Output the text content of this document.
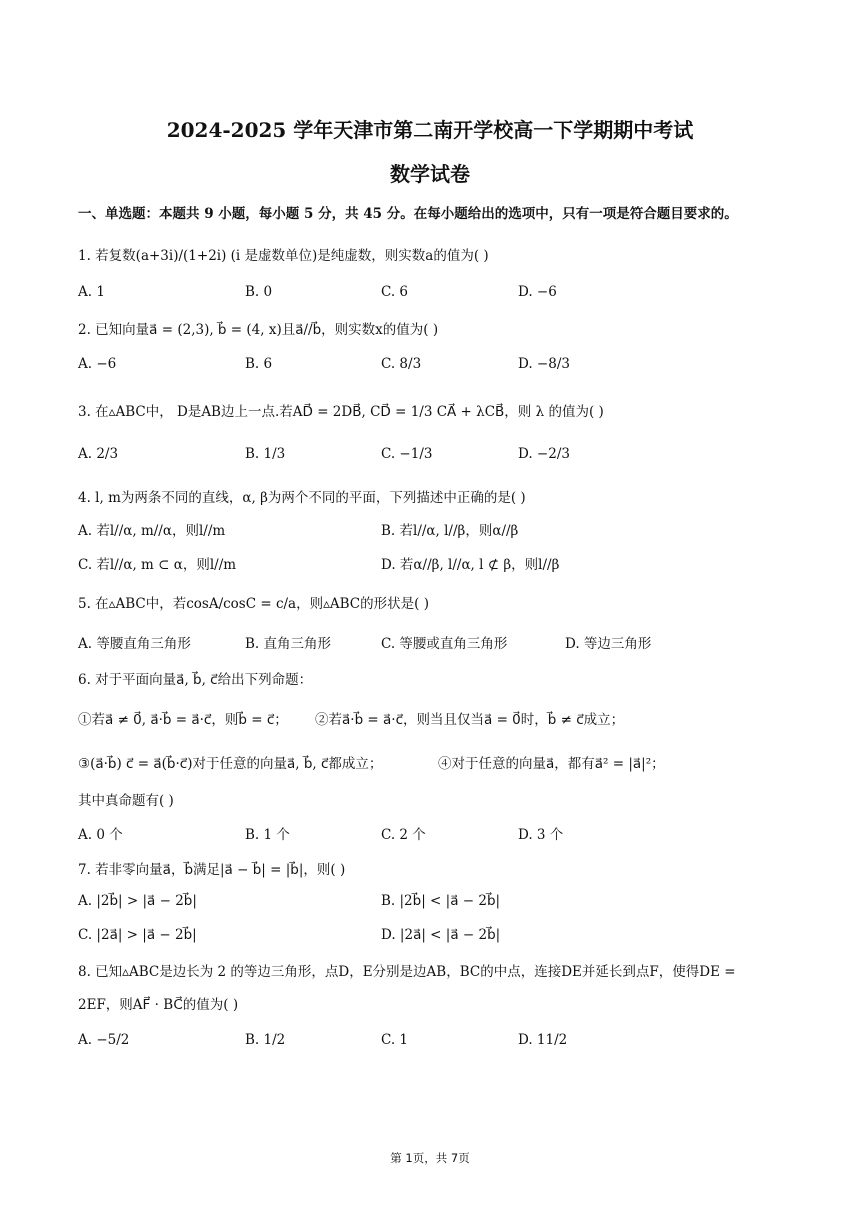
2024-2025 学年天津市第二南开学校高一下学期期中考试
数学试卷
一、单选题：本题共 9 小题，每小题 5 分，共 45 分。在每小题给出的选项中，只有一项是符合题目要求的。
1. 若复数(a+3i)/(1+2i) (i 是虚数单位)是纯虚数，则实数a的值为( )
A. 1	B. 0	C. 6	D. −6
2. 已知向量a⃗ = (2,3), b⃗ = (4, x)且a⃗//b⃗，则实数x的值为( )
A. −6	B. 6	C. 8/3	D. −8/3
3. 在▵ABC中， D是AB边上一点.若AD⃗ = 2DB⃗, CD⃗ = 1/3 CA⃗ + λCB⃗，则 λ 的值为( )
A. 2/3	B. 1/3	C. −1/3	D. −2/3
4. l, m为两条不同的直线，α, β为两个不同的平面，下列描述中正确的是( )
A. 若l//α, m//α，则l//m	B. 若l//α, l//β，则α//β
C. 若l//α, m ⊂ α，则l//m	D. 若α//β, l//α, l ⊄ β，则l//β
5. 在▵ABC中，若cosA/cosC = c/a，则▵ABC的形状是( )
A. 等腰直角三角形	B. 直角三角形	C. 等腰或直角三角形	D. 等边三角形
6. 对于平面向量a⃗, b⃗, c⃗给出下列命题：
①若a⃗ ≠ 0⃗, a⃗·b⃗ = a⃗·c⃗，则b⃗ = c⃗； ②若a⃗·b⃗ = a⃗·c⃗，则当且仅当a⃗ = 0⃗时，b⃗ ≠ c⃗成立；
③(a⃗·b⃗) c⃗ = a⃗(b⃗·c⃗)对于任意的向量a⃗, b⃗, c⃗都成立；	④对于任意的向量a⃗，都有a⃗² = |a⃗|²；
其中真命题有( )
A. 0 个	B. 1 个	C. 2 个	D. 3 个
7. 若非零向量a⃗，b⃗满足|a⃗ − b⃗| = |b⃗|，则( )
A. |2b⃗| > |a⃗ − 2b⃗|	B. |2b⃗| < |a⃗ − 2b⃗|
C. |2a⃗| > |a⃗ − 2b⃗|	D. |2a⃗| < |a⃗ − 2b⃗|
8. 已知▵ABC是边长为 2 的等边三角形，点D，E分别是边AB，BC的中点，连接DE并延长到点F，使得DE =
2EF，则AF⃗ · BC⃗的值为( )
A. −5/2	B. 1/2	C. 1	D. 11/2
第 1页，共 7页
